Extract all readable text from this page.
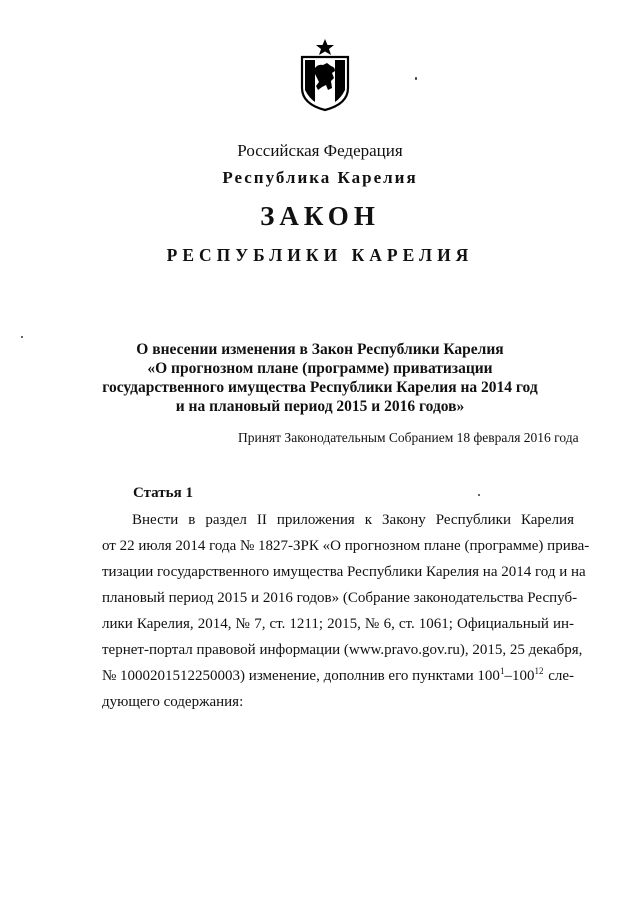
Российская Федерация
Республика Карелия
ЗАКОН
РЕСПУБЛИКИ КАРЕЛИЯ
О внесении изменения в Закон Республики Карелия
«О прогнозном плане (программе) приватизации
государственного имущества Республики Карелия на 2014 год
и на плановый период 2015 и 2016 годов»
Принят Законодательным Собранием 18 февраля 2016 года
Статья 1
Внести в раздел II приложения к Закону Республики Карелия
от 22 июля 2014 года № 1827-ЗРК «О прогнозном плане (программе) прива-
тизации государственного имущества Республики Карелия на 2014 год и на
плановый период 2015 и 2016 годов» (Собрание законодательства Респуб-
лики Карелия, 2014, № 7, ст. 1211; 2015, № 6, ст. 1061; Официальный ин-
тернет-портал правовой информации (www.pravo.gov.ru), 2015, 25 декабря,
№ 1000201512250003) изменение, дополнив его пунктами $100^1-100^{12}$ сле-
дующего содержания:
